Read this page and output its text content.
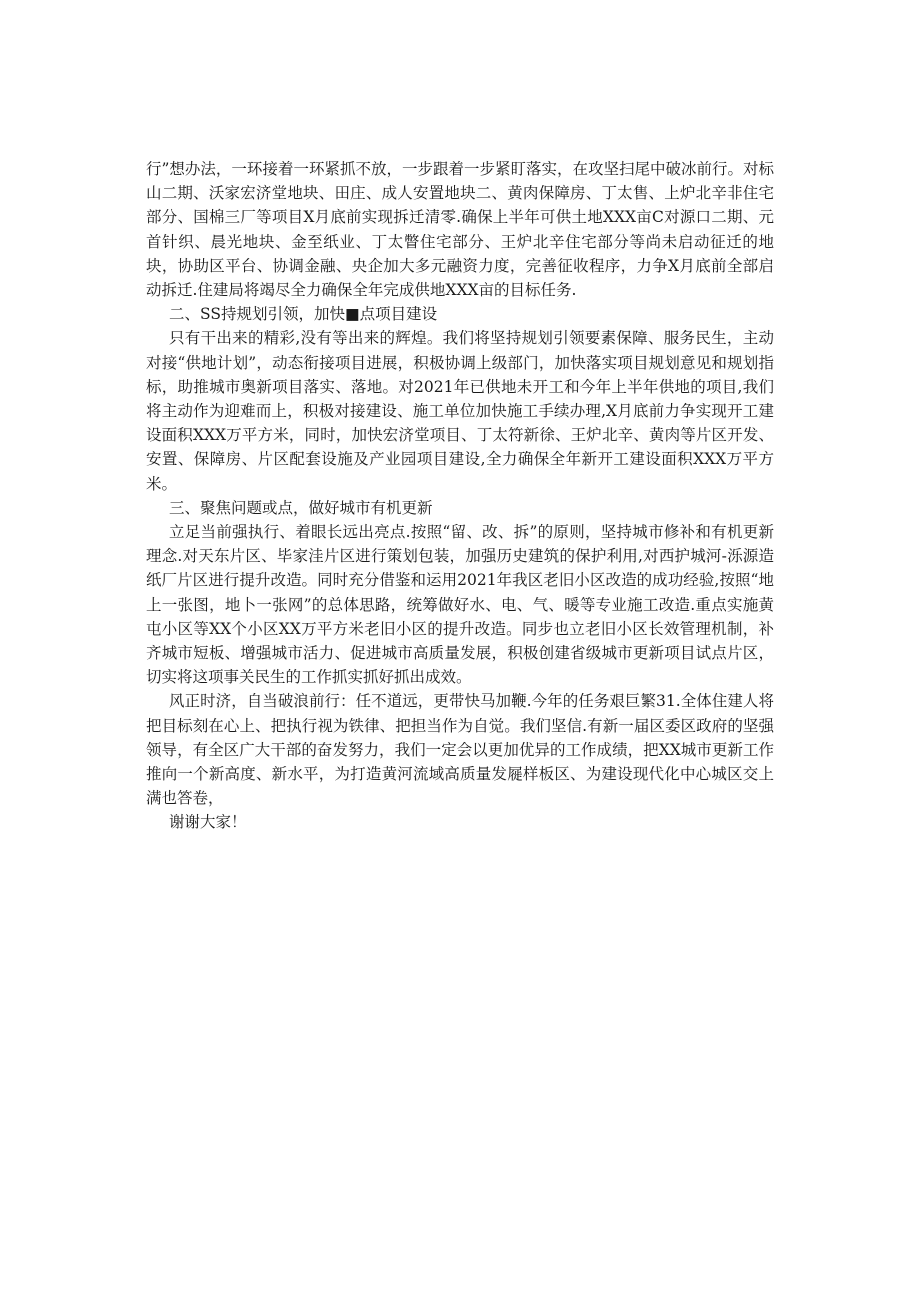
行”想办法，一环接着一环紧抓不放，一步跟着一步紧盯落实，在攻坚扫尾中破冰前行。对标山二期、沃家宏济堂地块、田庄、成人安置地块二、黄肉保障房、丁太售、上炉北辛非住宅部分、国棉三厂等项目X月底前实现拆迁清零.确保上半年可供土地XXX亩C对源口二期、元首针织、晨光地块、金至纸业、丁太瞥住宅部分、王炉北辛住宅部分等尚未启动征迁的地块，协助区平台、协调金融、央企加大多元融资力度，完善征收程序，力争X月底前全部启动拆迁.住建局将竭尽全力确保全年完成供地XXX亩的目标任务.

二、SS持规划引领，加快■点项目建设

只有干出来的精彩,没有等出来的辉煌。我们将坚持规划引领要素保障、服务民生，主动对接“供地计划”，动态衔接项目进展，积极协调上级部门，加快落实项目规划意见和规划指标，助推城市奥新项目落实、落地。对2021年已供地未开工和今年上半年供地的项目,我们将主动作为迎难而上，积极对接建设、施工单位加快施工手续办理,X月底前力争实现开工建设面积XXX万平方米，同时，加快宏济堂项目、丁太符新徐、王炉北辛、黄肉等片区开发、安置、保障房、片区配套设施及产业园项目建设,全力确保全年新开工建设面积XXX万平方米。

三、聚焦问题或点，做好城市有机更新

立足当前强执行、着眼长远出亮点.按照“留、改、拆”的原则，坚持城市修补和有机更新理念.对天东片区、毕家洼片区进行策划包装，加强历史建筑的保护利用,对西护城河-泺源造纸厂片区进行提升改造。同时充分借鉴和运用2021年我区老旧小区改造的成功经验,按照“地上一张图，地卜一张网”的总体思路，统筹做好水、电、气、暖等专业施工改造.重点实施黄屯小区等XX个小区XX万平方米老旧小区的提升改造。同步也立老旧小区长效管理机制，补齐城市短板、增强城市活力、促进城市高质量发展，积极创建省级城市更新项目试点片区，切实将这项事关民生的工作抓实抓好抓出成效。

风正时济，自当破浪前行：任不道远，更带快马加鞭.今年的任务艰巨繁31.全体住建人将把目标刻在心上、把执行视为铁律、把担当作为自觉。我们坚信.有新一届区委区政府的坚强领导，有全区广大干部的奋发努力，我们一定会以更加优异的工作成绩，把XX城市更新工作推向一个新高度、新水平，为打造黄河流域高质量发屣样板区、为建设现代化中心城区交上满也答卷，

谢谢大家！
